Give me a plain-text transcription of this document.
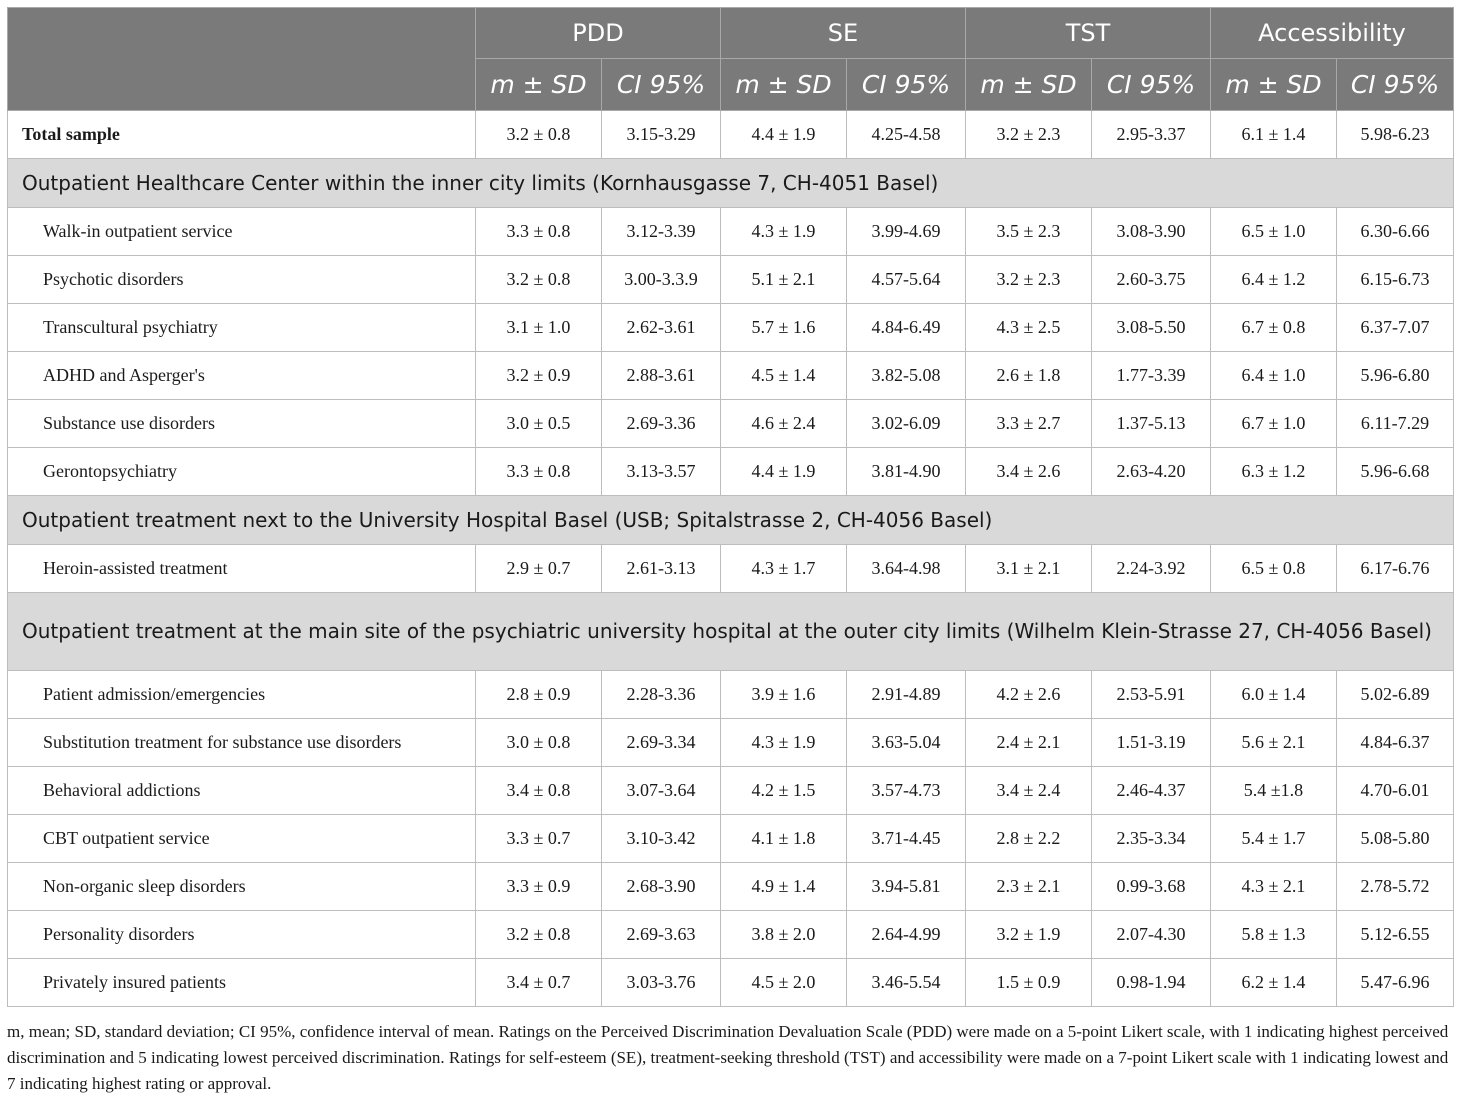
	PDD		SE		TST		Accessibility	
	m ± SD	CI 95%	m ± SD	CI 95%	m ± SD	CI 95%	m ± SD	CI 95%
Total sample	3.2 ± 0.8	3.15-3.29	4.4 ± 1.9	4.25-4.58	3.2 ± 2.3	2.95-3.37	6.1 ± 1.4	5.98-6.23
Outpatient Healthcare Center within the inner city limits (Kornhausgasse 7, CH-4051 Basel)								
Walk-in outpatient service	3.3 ± 0.8	3.12-3.39	4.3 ± 1.9	3.99-4.69	3.5 ± 2.3	3.08-3.90	6.5 ± 1.0	6.30-6.66
Psychotic disorders	3.2 ± 0.8	3.00-3.3.9	5.1 ± 2.1	4.57-5.64	3.2 ± 2.3	2.60-3.75	6.4 ± 1.2	6.15-6.73
Transcultural psychiatry	3.1 ± 1.0	2.62-3.61	5.7 ± 1.6	4.84-6.49	4.3 ± 2.5	3.08-5.50	6.7 ± 0.8	6.37-7.07
ADHD and Asperger's	3.2 ± 0.9	2.88-3.61	4.5 ± 1.4	3.82-5.08	2.6 ± 1.8	1.77-3.39	6.4 ± 1.0	5.96-6.80
Substance use disorders	3.0 ± 0.5	2.69-3.36	4.6 ± 2.4	3.02-6.09	3.3 ± 2.7	1.37-5.13	6.7 ± 1.0	6.11-7.29
Gerontopsychiatry	3.3 ± 0.8	3.13-3.57	4.4 ± 1.9	3.81-4.90	3.4 ± 2.6	2.63-4.20	6.3 ± 1.2	5.96-6.68
Outpatient treatment next to the University Hospital Basel (USB; Spitalstrasse 2, CH-4056 Basel)								
Heroin-assisted treatment	2.9 ± 0.7	2.61-3.13	4.3 ± 1.7	3.64-4.98	3.1 ± 2.1	2.24-3.92	6.5 ± 0.8	6.17-6.76
Outpatient treatment at the main site of the psychiatric university hospital at the outer city limits (Wilhelm Klein-Strasse 27, CH-4056 Basel)								
Patient admission/emergencies	2.8 ± 0.9	2.28-3.36	3.9 ± 1.6	2.91-4.89	4.2 ± 2.6	2.53-5.91	6.0 ± 1.4	5.02-6.89
Substitution treatment for substance use disorders	3.0 ± 0.8	2.69-3.34	4.3 ± 1.9	3.63-5.04	2.4 ± 2.1	1.51-3.19	5.6 ± 2.1	4.84-6.37
Behavioral addictions	3.4 ± 0.8	3.07-3.64	4.2 ± 1.5	3.57-4.73	3.4 ± 2.4	2.46-4.37	5.4 ±1.8	4.70-6.01
CBT outpatient service	3.3 ± 0.7	3.10-3.42	4.1 ± 1.8	3.71-4.45	2.8 ± 2.2	2.35-3.34	5.4 ± 1.7	5.08-5.80
Non-organic sleep disorders	3.3 ± 0.9	2.68-3.90	4.9 ± 1.4	3.94-5.81	2.3 ± 2.1	0.99-3.68	4.3 ± 2.1	2.78-5.72
Personality disorders	3.2 ± 0.8	2.69-3.63	3.8 ± 2.0	2.64-4.99	3.2 ± 1.9	2.07-4.30	5.8 ± 1.3	5.12-6.55
Privately insured patients	3.4 ± 0.7	3.03-3.76	4.5 ± 2.0	3.46-5.54	1.5 ± 0.9	0.98-1.94	6.2 ± 1.4	5.47-6.96
m, mean; SD, standard deviation; CI 95%, confidence interval of mean. Ratings on the Perceived Discrimination Devaluation Scale (PDD) were made on a 5-point Likert scale, with 1 indicating highest perceived discrimination and 5 indicating lowest perceived discrimination. Ratings for self-esteem (SE), treatment-seeking threshold (TST) and accessibility were made on a 7-point Likert scale with 1 indicating lowest and 7 indicating highest rating or approval.
